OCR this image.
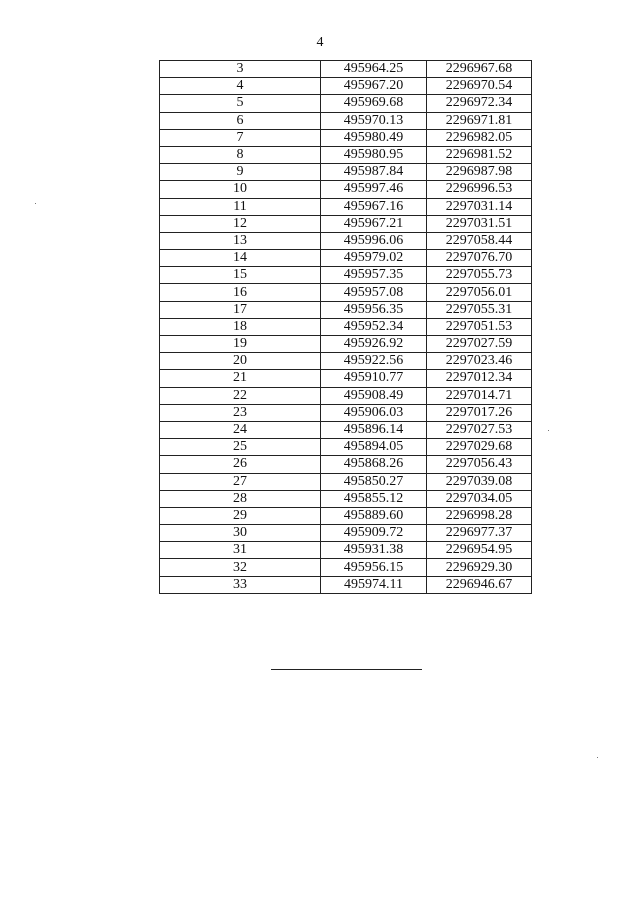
4
3	495964.25	2296967.68
4	495967.20	2296970.54
5	495969.68	2296972.34
6	495970.13	2296971.81
7	495980.49	2296982.05
8	495980.95	2296981.52
9	495987.84	2296987.98
10	495997.46	2296996.53
11	495967.16	2297031.14
12	495967.21	2297031.51
13	495996.06	2297058.44
14	495979.02	2297076.70
15	495957.35	2297055.73
16	495957.08	2297056.01
17	495956.35	2297055.31
18	495952.34	2297051.53
19	495926.92	2297027.59
20	495922.56	2297023.46
21	495910.77	2297012.34
22	495908.49	2297014.71
23	495906.03	2297017.26
24	495896.14	2297027.53
25	495894.05	2297029.68
26	495868.26	2297056.43
27	495850.27	2297039.08
28	495855.12	2297034.05
29	495889.60	2296998.28
30	495909.72	2296977.37
31	495931.38	2296954.95
32	495956.15	2296929.30
33	495974.11	2296946.67
